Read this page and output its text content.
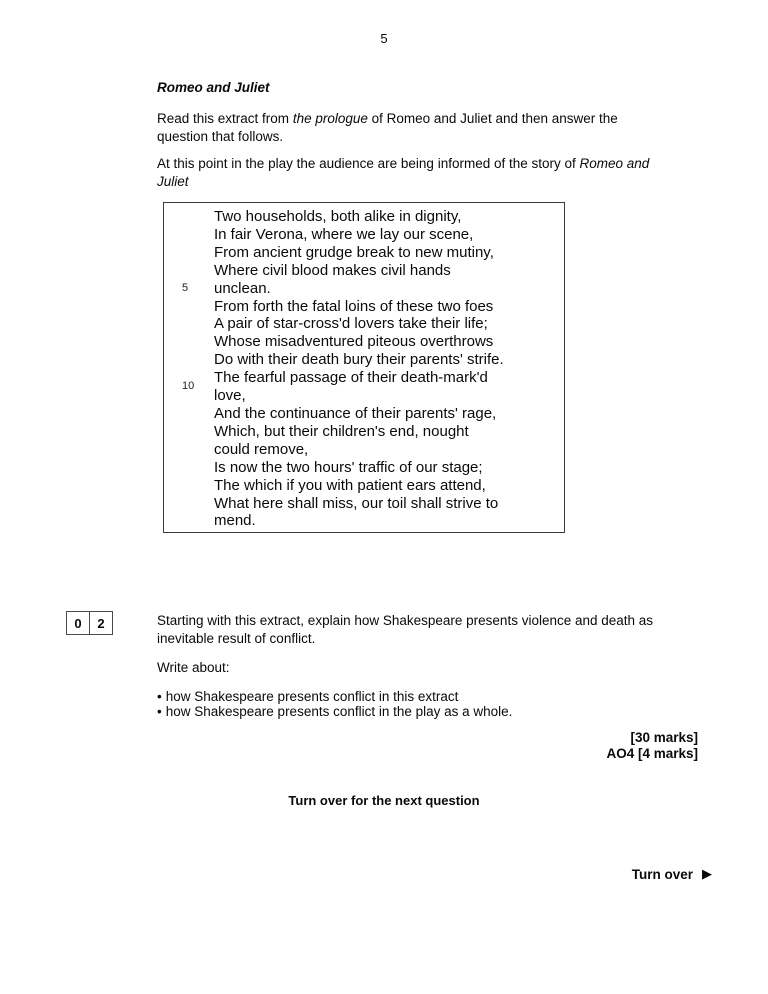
5
Romeo and Juliet
Read this extract from the prologue of Romeo and Juliet and then answer the
question that follows.
At this point in the play the audience are being informed of the story of Romeo and
Juliet
Two households, both alike in dignity,
In fair Verona, where we lay our scene,
From ancient grudge break to new mutiny,
Where civil blood makes civil hands
5 unclean.
From forth the fatal loins of these two foes
A pair of star-cross'd lovers take their life;
Whose misadventured piteous overthrows
Do with their death bury their parents' strife.
The fearful passage of their death-mark'd
10
love,
And the continuance of their parents' rage,
Which, but their children's end, nought
could remove,
Is now the two hours' traffic of our stage;
The which if you with patient ears attend,
What here shall miss, our toil shall strive to
mend.
0	2	Starting with this extract, explain how Shakespeare presents violence and death as
inevitable result of conflict.
Write about:
• how Shakespeare presents conflict in this extract
• how Shakespeare presents conflict in the play as a whole.
[30 marks]
AO4 [4 marks]
Turn over for the next question
Turn over ▶
